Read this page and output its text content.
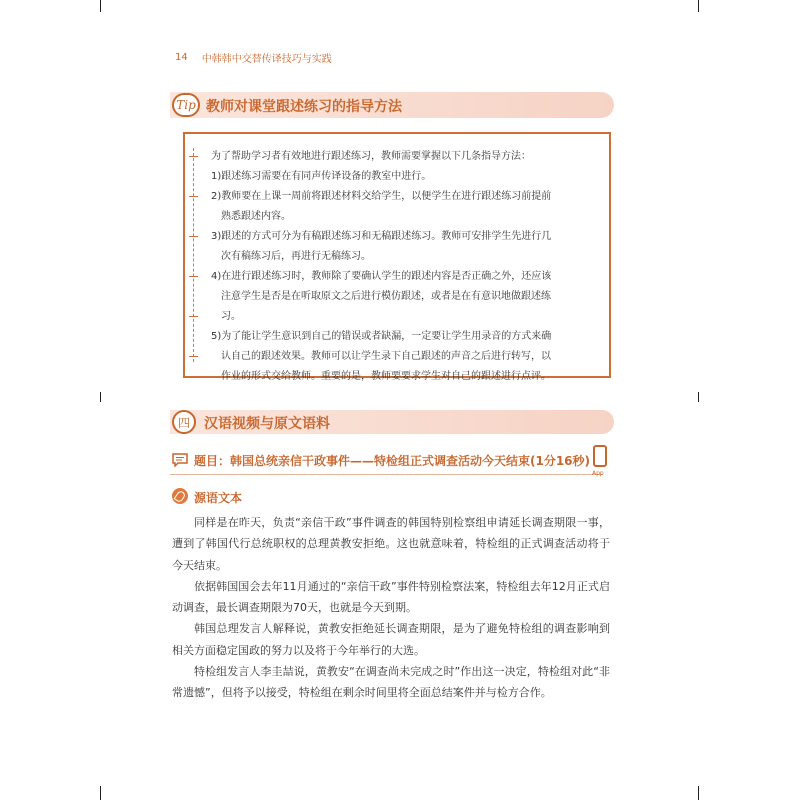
14 中韩韩中交替传译技巧与实践
Tip 教师对课堂跟述练习的指导方法

为了帮助学习者有效地进行跟述练习，教师需要掌握以下几条指导方法：

1)跟述练习需要在有同声传译设备的教室中进行。

2)教师要在上课一周前将跟述材料交给学生，以便学生在进行跟述练习前提前

熟悉跟述内容。

3)跟述的方式可分为有稿跟述练习和无稿跟述练习。教师可安排学生先进行几

次有稿练习后，再进行无稿练习。

4)在进行跟述练习时，教师除了要确认学生的跟述内容是否正确之外，还应该

注意学生是否是在听取原文之后进行模仿跟述，或者是在有意识地做跟述练
习。

5)为了能让学生意识到自己的错误或者缺漏，一定要让学生用录音的方式来确

认自己的跟述效果。教师可以让学生录下自己跟述的声音之后进行转写，以
作业的形式交给教师。重要的是，教师要要求学生对自己的跟述进行点评。

四	汉语视频与原文语料
题目：韩国总统亲信干政事件——特检组正式调查活动今天结束(1分16秒)
App
源语文本

同样是在昨天，负责“亲信干政”事件调查的韩国特别检察组申请延长调查期限一事，遭到了韩国代行总统职权的总理黄教安拒绝。这也就意味着，特检组的正式调查活动将于今天结束。

依据韩国国会去年11月通过的“亲信干政”事件特别检察法案，特检组去年12月正式启动调查，最长调查期限为70天，也就是今天到期。

韩国总理发言人解释说，黄教安拒绝延长调查期限，是为了避免特检组的调查影响到相关方面稳定国政的努力以及将于今年举行的大选。

特检组发言人李圭喆说，黄教安“在调查尚未完成之时”作出这一决定，特检组对此“非常遗憾”，但将予以接受，特检组在剩余时间里将全面总结案件并与检方合作。
